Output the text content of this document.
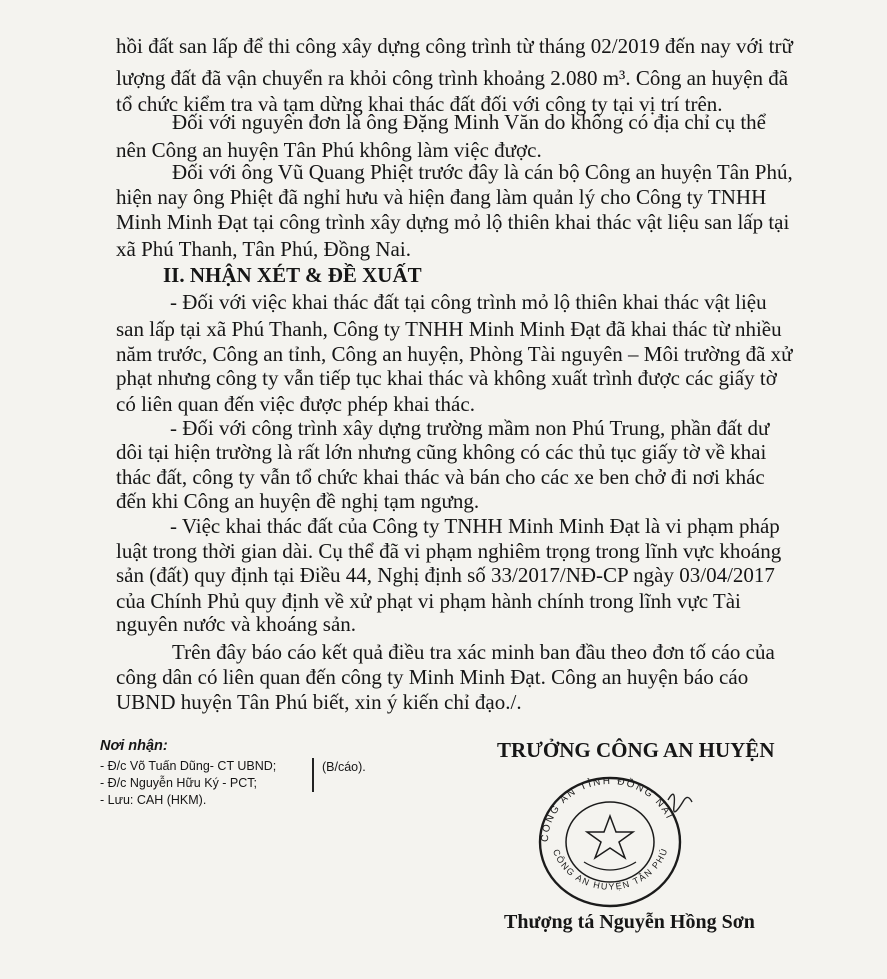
hồi đất san lấp để thi công xây dựng công trình từ tháng 02/2019 đến nay với trữ
lượng đất đã vận chuyển ra khỏi công trình khoảng 2.080 m³. Công an huyện đã
tổ chức kiểm tra và tạm dừng khai thác đất đối với công ty tại vị trí trên.
Đối với nguyên đơn là ông Đặng Minh Văn do không có địa chỉ cụ thể
nên Công an huyện Tân Phú không làm việc được.
Đối với ông Vũ Quang Phiệt trước đây là cán bộ Công an huyện Tân Phú,
hiện nay ông Phiệt đã nghỉ hưu và hiện đang làm quản lý cho Công ty TNHH
Minh Minh Đạt tại công trình xây dựng mỏ lộ thiên khai thác vật liệu san lấp tại
xã Phú Thanh, Tân Phú, Đồng Nai.
II. NHẬN XÉT & ĐỀ XUẤT
- Đối với việc khai thác đất tại công trình mỏ lộ thiên khai thác vật liệu
san lấp tại xã Phú Thanh, Công ty TNHH Minh Minh Đạt đã khai thác từ nhiều
năm trước, Công an tỉnh, Công an huyện, Phòng Tài nguyên – Môi trường đã xử
phạt nhưng công ty vẫn tiếp tục khai thác và không xuất trình được các giấy tờ
có liên quan đến việc được phép khai thác.
- Đối với công trình xây dựng trường mầm non Phú Trung, phần đất dư
dôi tại hiện trường là rất lớn nhưng cũng không có các thủ tục giấy tờ về khai
thác đất, công ty vẫn tổ chức khai thác và bán cho các xe ben chở đi nơi khác
đến khi Công an huyện đề nghị tạm ngưng.
- Việc khai thác đất của Công ty TNHH Minh Minh Đạt là vi phạm pháp
luật trong thời gian dài. Cụ thể đã vi phạm nghiêm trọng trong lĩnh vực khoáng
sản (đất) quy định tại Điều 44, Nghị định số 33/2017/NĐ-CP ngày 03/04/2017
của Chính Phủ quy định về xử phạt vi phạm hành chính trong lĩnh vực Tài
nguyên nước và khoáng sản.
Trên đây báo cáo kết quả điều tra xác minh ban đầu theo đơn tố cáo của
công dân có liên quan đến công ty Minh Minh Đạt. Công an huyện báo cáo
UBND huyện Tân Phú biết, xin ý kiến chỉ đạo./.
Nơi nhận:
- Đ/c Võ Tuấn Dũng- CT UBND;
- Đ/c Nguyễn Hữu Ký - PCT;
- Lưu: CAH (HKM).
(B/cáo).
TRƯỞNG CÔNG AN HUYỆN
CÔNG AN TỈNH ĐỒNG NAI
CÔNG AN HUYỆN TÂN PHÚ
Thượng tá Nguyễn Hồng Sơn
